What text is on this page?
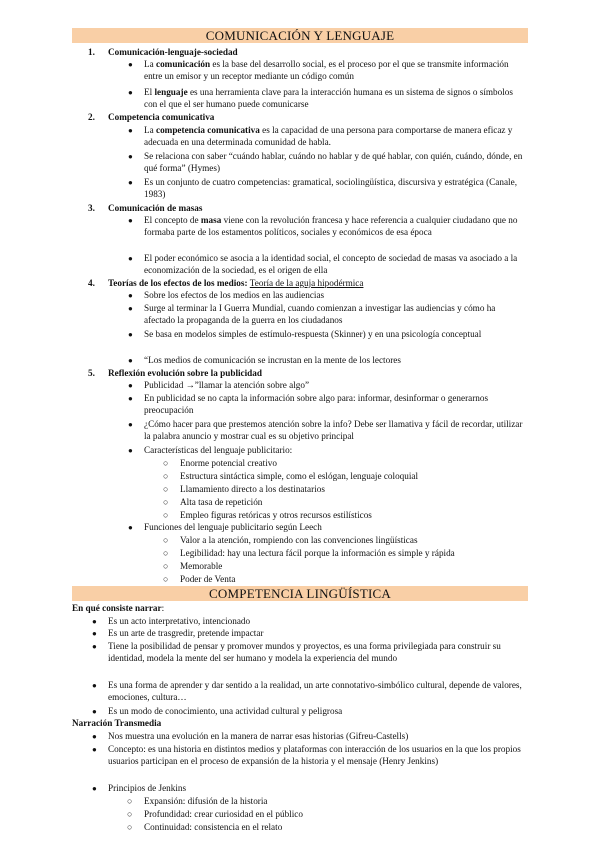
COMUNICACIÓN Y LENGUAJE
1. Comunicación-lenguaje-sociedad
● La comunicación es la base del desarrollo social, es el proceso por el que se transmite información entre un emisor y un receptor mediante un código común
● El lenguaje es una herramienta clave para la interacción humana es un sistema de signos o símbolos con el que el ser humano puede comunicarse
2. Competencia comunicativa
● La competencia comunicativa es la capacidad de una persona para comportarse de manera eficaz y adecuada en una determinada comunidad de habla.
● Se relaciona con saber “cuándo hablar, cuándo no hablar y de qué hablar, con quién, cuándo, dónde, en qué forma” (Hymes)
● Es un conjunto de cuatro competencias: gramatical, sociolingüística, discursiva y estratégica (Canale, 1983)
3. Comunicación de masas
● El concepto de masa viene con la revolución francesa y hace referencia a cualquier ciudadano que no formaba parte de los estamentos políticos, sociales y económicos de esa época
● El poder económico se asocia a la identidad social, el concepto de sociedad de masas va asociado a la economización de la sociedad, es el origen de ella
4. Teorías de los efectos de los medios: Teoría de la aguja hipodérmica
● Sobre los efectos de los medios en las audiencias
● Surge al terminar la I Guerra Mundial, cuando comienzan a investigar las audiencias y cómo ha afectado la propaganda de la guerra en los ciudadanos
● Se basa en modelos simples de estímulo-respuesta (Skinner) y en una psicología conceptual
● “Los medios de comunicación se incrustan en la mente de los lectores
5. Reflexión evolución sobre la publicidad
● Publicidad →”llamar la atención sobre algo”
● En publicidad se no capta la información sobre algo para: informar, desinformar o generarnos preocupación
● ¿Cómo hacer para que prestemos atención sobre la info? Debe ser llamativa y fácil de recordar, utilizar la palabra anuncio y mostrar cual es su objetivo principal
● Características del lenguaje publicitario:
○ Enorme potencial creativo
○ Estructura sintáctica simple, como el eslógan, lenguaje coloquial
○ Llamamiento directo a los destinatarios
○ Alta tasa de repetición
○ Empleo figuras retóricas y otros recursos estilísticos
● Funciones del lenguaje publicitario según Leech
○ Valor a la atención, rompiendo con las convenciones lingüísticas
○ Legibilidad: hay una lectura fácil porque la información es simple y rápida
○ Memorable
○ Poder de Venta
COMPETENCIA LINGÜÍSTICA
En qué consiste narrar:
● Es un acto interpretativo, intencionado
● Es un arte de trasgredir, pretende impactar
● Tiene la posibilidad de pensar y promover mundos y proyectos, es una forma privilegiada para construir su identidad, modela la mente del ser humano y modela la experiencia del mundo
● Es una forma de aprender y dar sentido a la realidad, un arte connotativo-simbólico cultural, depende de valores, emociones, cultura…
● Es un modo de conocimiento, una actividad cultural y peligrosa
Narración Transmedia
● Nos muestra una evolución en la manera de narrar esas historias (Gifreu-Castells)
● Concepto: es una historia en distintos medios y plataformas con interacción de los usuarios en la que los propios usuarios participan en el proceso de expansión de la historia y el mensaje (Henry Jenkins)
● Principios de Jenkins
○ Expansión: difusión de la historia
○ Profundidad: crear curiosidad en el público
○ Continuidad: consistencia en el relato
